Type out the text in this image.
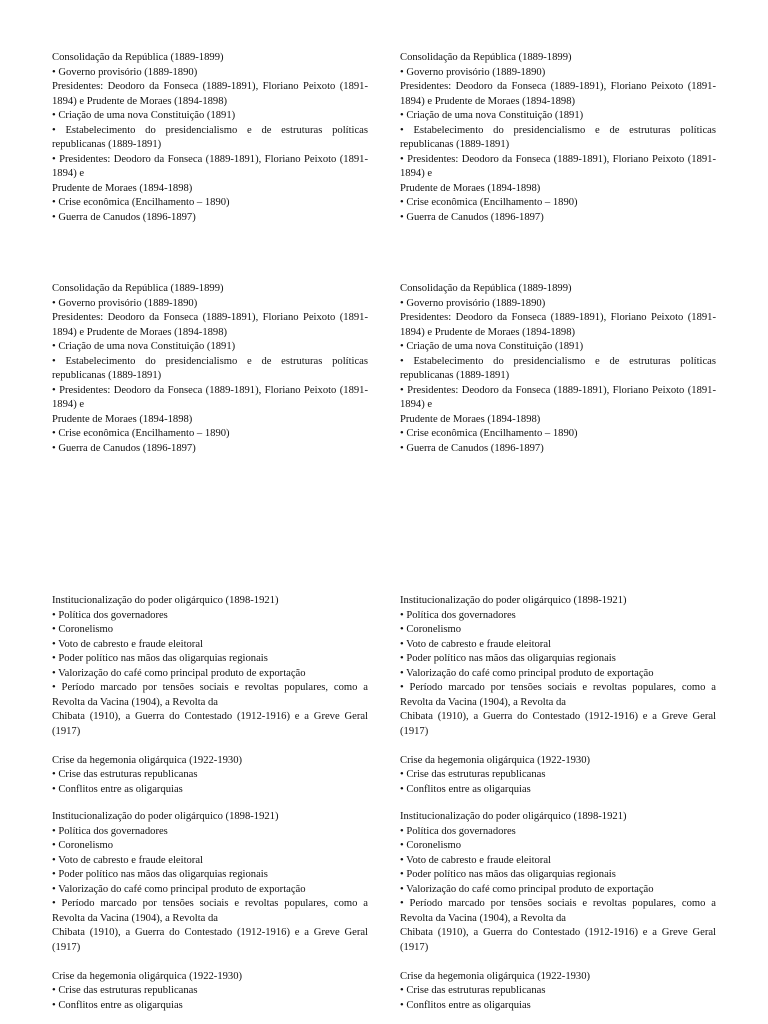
Consolidação da República (1889-1899)

• Governo provisório (1889-1890)

Presidentes: Deodoro da Fonseca (1889-1891), Floriano Peixoto (1891-1894) e Prudente de Moraes (1894-1898)

• Criação de uma nova Constituição (1891)

• Estabelecimento do presidencialismo e de estruturas políticas republicanas (1889-1891)

• Presidentes: Deodoro da Fonseca (1889-1891), Floriano Peixoto (1891-1894) e

Prudente de Moraes (1894-1898)

• Crise econômica (Encilhamento – 1890)

• Guerra de Canudos (1896-1897)

Consolidação da República (1889-1899)

• Governo provisório (1889-1890)

Presidentes: Deodoro da Fonseca (1889-1891), Floriano Peixoto (1891-1894) e Prudente de Moraes (1894-1898)

• Criação de uma nova Constituição (1891)

• Estabelecimento do presidencialismo e de estruturas políticas republicanas (1889-1891)

• Presidentes: Deodoro da Fonseca (1889-1891), Floriano Peixoto (1891-1894) e

Prudente de Moraes (1894-1898)

• Crise econômica (Encilhamento – 1890)

• Guerra de Canudos (1896-1897)

Consolidação da República (1889-1899)

• Governo provisório (1889-1890)

Presidentes: Deodoro da Fonseca (1889-1891), Floriano Peixoto (1891-1894) e Prudente de Moraes (1894-1898)

• Criação de uma nova Constituição (1891)

• Estabelecimento do presidencialismo e de estruturas políticas republicanas (1889-1891)

• Presidentes: Deodoro da Fonseca (1889-1891), Floriano Peixoto (1891-1894) e

Prudente de Moraes (1894-1898)

• Crise econômica (Encilhamento – 1890)

• Guerra de Canudos (1896-1897)

Consolidação da República (1889-1899)

• Governo provisório (1889-1890)

Presidentes: Deodoro da Fonseca (1889-1891), Floriano Peixoto (1891-1894) e Prudente de Moraes (1894-1898)

• Criação de uma nova Constituição (1891)

• Estabelecimento do presidencialismo e de estruturas políticas republicanas (1889-1891)

• Presidentes: Deodoro da Fonseca (1889-1891), Floriano Peixoto (1891-1894) e

Prudente de Moraes (1894-1898)

• Crise econômica (Encilhamento – 1890)

• Guerra de Canudos (1896-1897)

Institucionalização do poder oligárquico (1898-1921)

• Política dos governadores

• Coronelismo

• Voto de cabresto e fraude eleitoral

• Poder político nas mãos das oligarquias regionais

• Valorização do café como principal produto de exportação

• Período marcado por tensões sociais e revoltas populares, como a Revolta da Vacina (1904), a Revolta da

Chibata (1910), a Guerra do Contestado (1912-1916) e a Greve Geral (1917)

Crise da hegemonia oligárquica (1922-1930)

• Crise das estruturas republicanas

• Conflitos entre as oligarquias

Institucionalização do poder oligárquico (1898-1921)

• Política dos governadores

• Coronelismo

• Voto de cabresto e fraude eleitoral

• Poder político nas mãos das oligarquias regionais

• Valorização do café como principal produto de exportação

• Período marcado por tensões sociais e revoltas populares, como a Revolta da Vacina (1904), a Revolta da

Chibata (1910), a Guerra do Contestado (1912-1916) e a Greve Geral (1917)

Crise da hegemonia oligárquica (1922-1930)

• Crise das estruturas republicanas

• Conflitos entre as oligarquias

Institucionalização do poder oligárquico (1898-1921)

• Política dos governadores

• Coronelismo

• Voto de cabresto e fraude eleitoral

• Poder político nas mãos das oligarquias regionais

• Valorização do café como principal produto de exportação

• Período marcado por tensões sociais e revoltas populares, como a Revolta da Vacina (1904), a Revolta da

Chibata (1910), a Guerra do Contestado (1912-1916) e a Greve Geral (1917)

Crise da hegemonia oligárquica (1922-1930)

• Crise das estruturas republicanas

• Conflitos entre as oligarquias

Institucionalização do poder oligárquico (1898-1921)

• Política dos governadores

• Coronelismo

• Voto de cabresto e fraude eleitoral

• Poder político nas mãos das oligarquias regionais

• Valorização do café como principal produto de exportação

• Período marcado por tensões sociais e revoltas populares, como a Revolta da Vacina (1904), a Revolta da

Chibata (1910), a Guerra do Contestado (1912-1916) e a Greve Geral (1917)

Crise da hegemonia oligárquica (1922-1930)

• Crise das estruturas republicanas

• Conflitos entre as oligarquias
